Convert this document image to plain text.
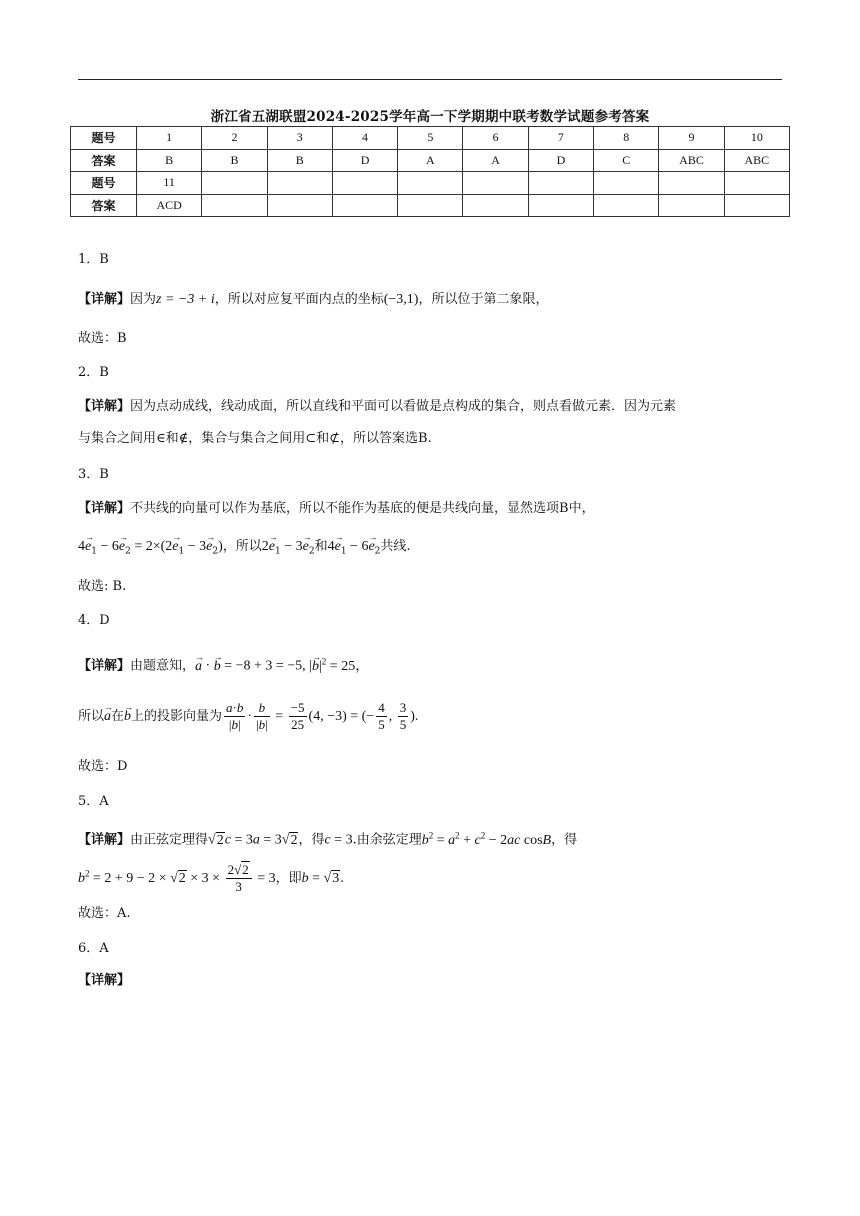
浙江省五湖联盟2024-2025学年高一下学期期中联考数学试题参考答案
题号	1	2	3	4	5	6	7	8	9	10
答案	B	B	B	D	A	A	D	C	ABC	ABC
题号	11									
答案	ACD									
1．B
【详解】因为z = −3 + i，所以对应复平面内点的坐标(−3,1)，所以位于第二象限，
故选：B
2．B
【详解】因为点动成线，线动成面，所以直线和平面可以看做是点构成的集合，则点看做元素．因为元素
与集合之间用∈和∉，集合与集合之间用⊂和⊄，所以答案选B.
3．B
【详解】不共线的向量可以作为基底，所以不能作为基底的便是共线向量，显然选项B中，
$4\to e_1 - 6\to e_2 = 2\times(2\to e_1 - 3\to e_2)$，所以$2\to e_1 - 3\to e_2$和$4\to e_1 - 6\to e_2$共线.
故选: B.
4．D
【详解】由题意知，→ a · → b = −8 + 3 = −5, |→ $b|^2 = 25$，
所以→ a在→ b上的投影向量为 $\frac{a\cdot b}{|b|} \cdot \frac{b}{|b|} = \frac{-5}{25} (4$, −3) = (− $\frac{4}{5}$ , $\frac{3}{5}$ ).
故选：D
5．A
【详解】由正弦定理得√2c = 3a = 3√2，得c = 3.由余弦定理$b^2 = a^2 + c^2 - 2ac$ cosB，得
$b^2 = 2 + 9 - 2 \times √2 \times 3 \times \frac{2√2}{3} = 3$，即b = √3.
故选：A.
6．A
【详解】
